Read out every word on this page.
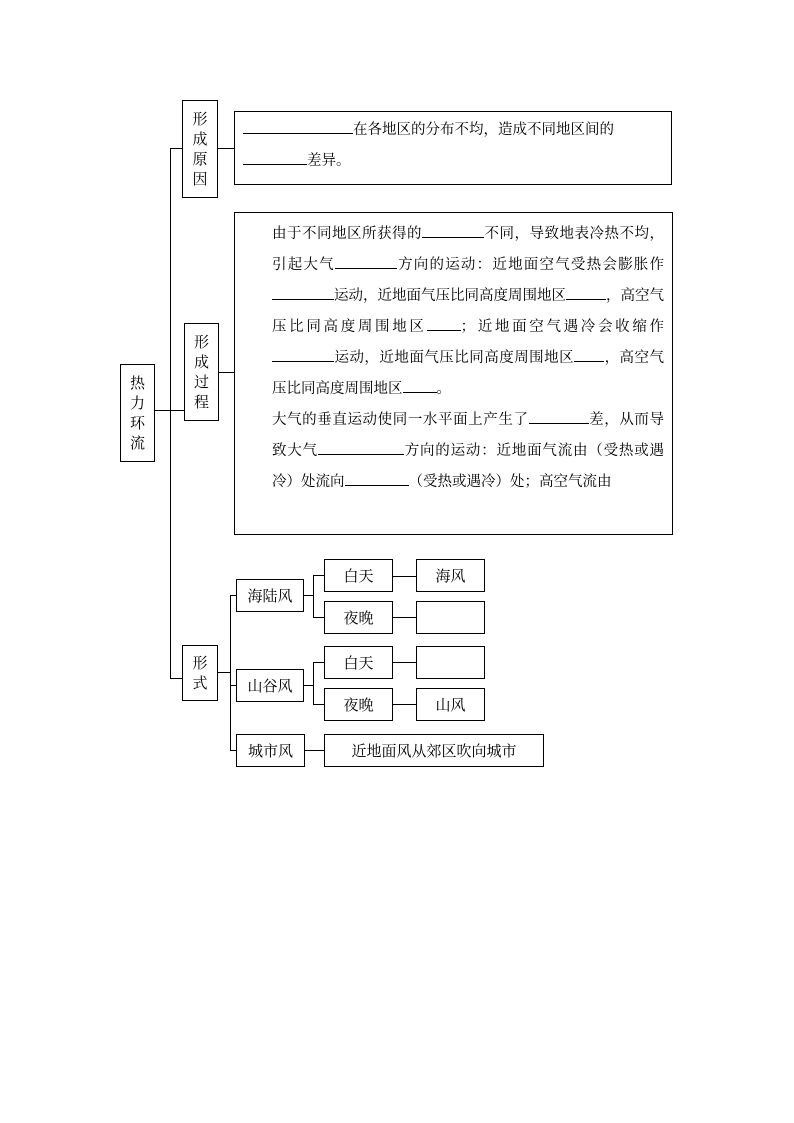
热
力
环
流
形
成
原
因

在各地区的分布不均，造成不同地区间的
差异。

形
成
过
程

由于不同地区所获得的	不同，导致地表冷热不均，引起大气	方向的运动：近地面空气受热会膨胀作运动，近地面气压比同高度周围地区	，高空气压比同高度周围地区 ；近地面空气遇冷会收缩作运动，近地面气压比同高度周围地区 ，高空气压比同高度周围地区 。

大气的垂直运动使同一水平面上产生了	差，从而导致大气	方向的运动：近地面气流由（受热或遇冷）处流向	（受热或遇冷）处；高空气流由

形
式
海陆风
白天	海风
夜晚
山谷风
白天
夜晚	山风
城市风	近地面风从郊区吹向城市
